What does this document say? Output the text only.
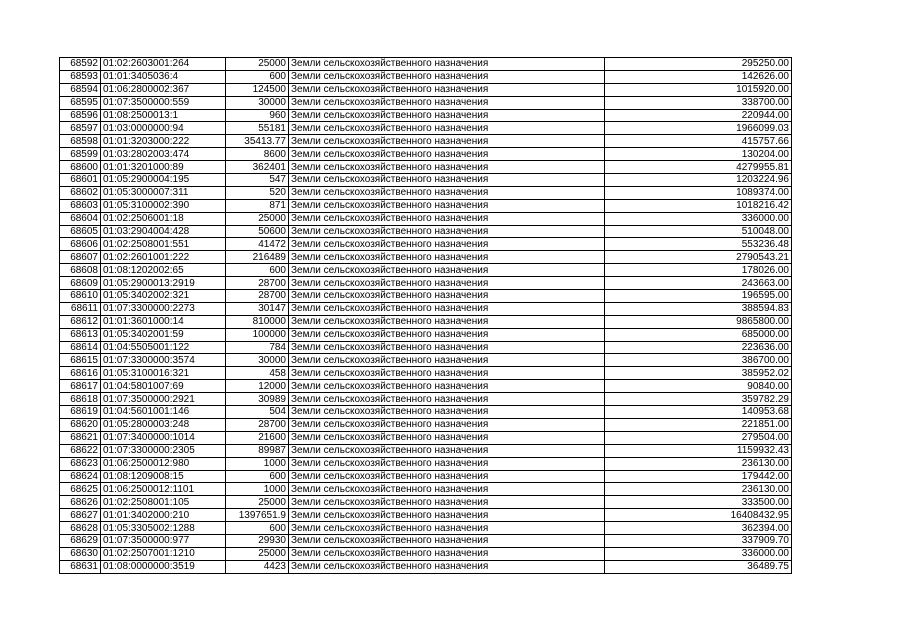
68592	01:02:2603001:264	25000	Земли сельскохозяйственного назначения	295250.00
68593	01:01:3405036:4	600	Земли сельскохозяйственного назначения	142626.00
68594	01:06:2800002:367	124500	Земли сельскохозяйственного назначения	1015920.00
68595	01:07:3500000:559	30000	Земли сельскохозяйственного назначения	338700.00
68596	01:08:2500013:1	960	Земли сельскохозяйственного назначения	220944.00
68597	01:03:0000000:94	55181	Земли сельскохозяйственного назначения	1966099.03
68598	01:01:3203000:222	35413.77	Земли сельскохозяйственного назначения	415757.66
68599	01:03:2802003:474	8600	Земли сельскохозяйственного назначения	130204.00
68600	01:01:3201000:89	362401	Земли сельскохозяйственного назначения	4279955.81
68601	01:05:2900004:195	547	Земли сельскохозяйственного назначения	1203224.96
68602	01:05:3000007:311	520	Земли сельскохозяйственного назначения	1089374.00
68603	01:05:3100002:390	871	Земли сельскохозяйственного назначения	1018216.42
68604	01:02:2506001:18	25000	Земли сельскохозяйственного назначения	336000.00
68605	01:03:2904004:428	50600	Земли сельскохозяйственного назначения	510048.00
68606	01:02:2508001:551	41472	Земли сельскохозяйственного назначения	553236.48
68607	01:02:2601001:222	216489	Земли сельскохозяйственного назначения	2790543.21
68608	01:08:1202002:65	600	Земли сельскохозяйственного назначения	178026.00
68609	01:05:2900013:2919	28700	Земли сельскохозяйственного назначения	243663.00
68610	01:05:3402002:321	28700	Земли сельскохозяйственного назначения	196595.00
68611	01:07:3300000:2273	30147	Земли сельскохозяйственного назначения	388594.83
68612	01:01:3601000:14	810000	Земли сельскохозяйственного назначения	9865800.00
68613	01:05:3402001:59	100000	Земли сельскохозяйственного назначения	685000.00
68614	01:04:5505001:122	784	Земли сельскохозяйственного назначения	223636.00
68615	01:07:3300000:3574	30000	Земли сельскохозяйственного назначения	386700.00
68616	01:05:3100016:321	458	Земли сельскохозяйственного назначения	385952.02
68617	01:04:5801007:69	12000	Земли сельскохозяйственного назначения	90840.00
68618	01:07:3500000:2921	30989	Земли сельскохозяйственного назначения	359782.29
68619	01:04:5601001:146	504	Земли сельскохозяйственного назначения	140953.68
68620	01:05:2800003:248	28700	Земли сельскохозяйственного назначения	221851.00
68621	01:07:3400000:1014	21600	Земли сельскохозяйственного назначения	279504.00
68622	01:07:3300000:2305	89987	Земли сельскохозяйственного назначения	1159932.43
68623	01:06:2500012:980	1000	Земли сельскохозяйственного назначения	236130.00
68624	01:08:1209008:15	600	Земли сельскохозяйственного назначения	179442.00
68625	01:06:2500012:1101	1000	Земли сельскохозяйственного назначения	236130.00
68626	01:02:2508001:105	25000	Земли сельскохозяйственного назначения	333500.00
68627	01:01:3402000:210	1397651.9	Земли сельскохозяйственного назначения	16408432.95
68628	01:05:3305002:1288	600	Земли сельскохозяйственного назначения	362394.00
68629	01:07:3500000:977	29930	Земли сельскохозяйственного назначения	337909.70
68630	01:02:2507001:1210	25000	Земли сельскохозяйственного назначения	336000.00
68631	01:08:0000000:3519	4423	Земли сельскохозяйственного назначения	36489.75
